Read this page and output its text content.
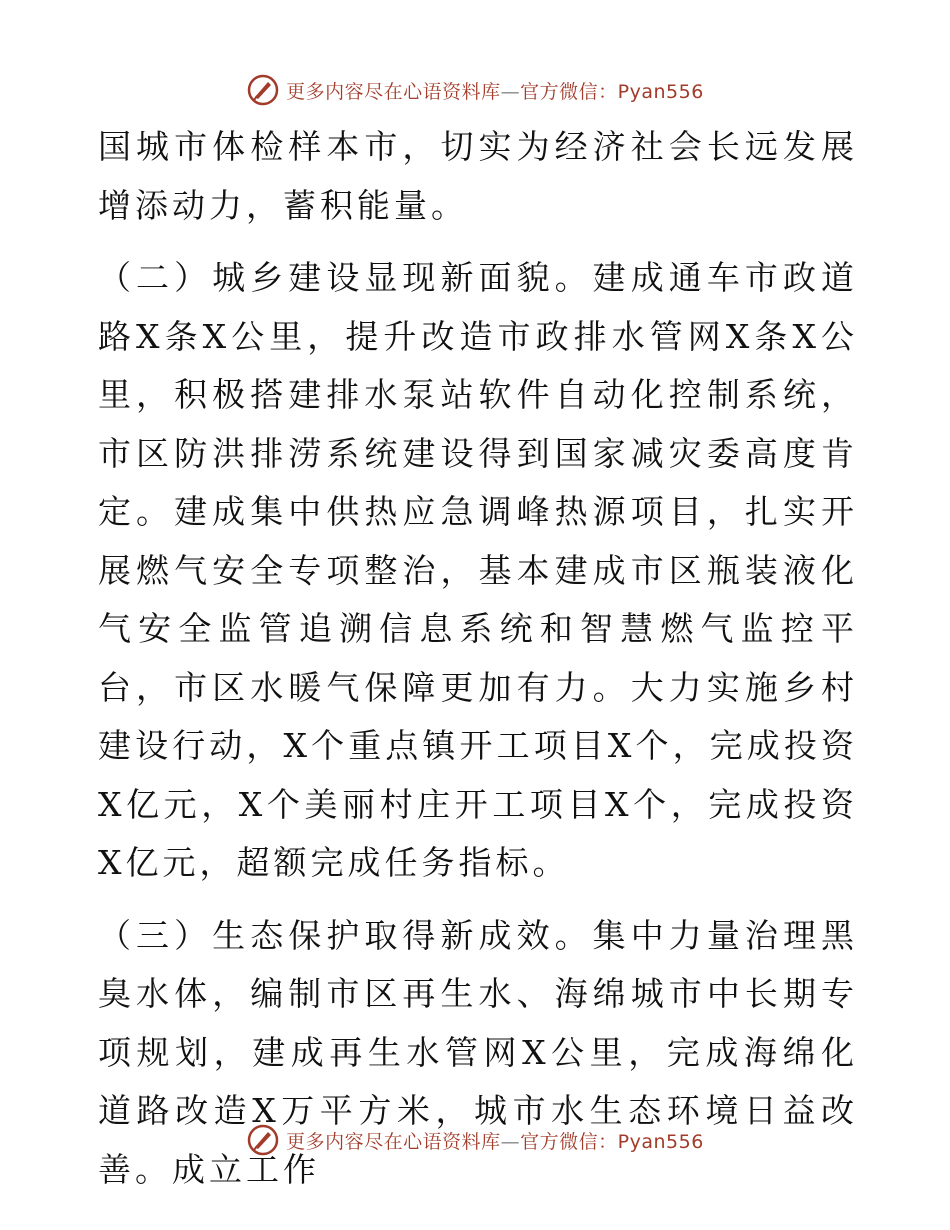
更多内容尽在心语资料库—官方微信：Pyan556

国城市体检样本市，切实为经济社会长远发展增添动力，蓄积能量。

（二）城乡建设显现新面貌。建成通车市政道路X条X公里，提升改造市政排水管网X条X公里，积极搭建排水泵站软件自动化控制系统，市区防洪排涝系统建设得到国家减灾委高度肯定。建成集中供热应急调峰热源项目，扎实开展燃气安全专项整治，基本建成市区瓶装液化气安全监管追溯信息系统和智慧燃气监控平台，市区水暖气保障更加有力。大力实施乡村建设行动，X个重点镇开工项目X个，完成投资X亿元，X个美丽村庄开工项目X个，完成投资X亿元，超额完成任务指标。

（三）生态保护取得新成效。集中力量治理黑臭水体，编制市区再生水、海绵城市中长期专项规划，建成再生水管网X公里，完成海绵化道路改造X万平方米，城市水生态环境日益改善。成立工作

更多内容尽在心语资料库—官方微信：Pyan556
